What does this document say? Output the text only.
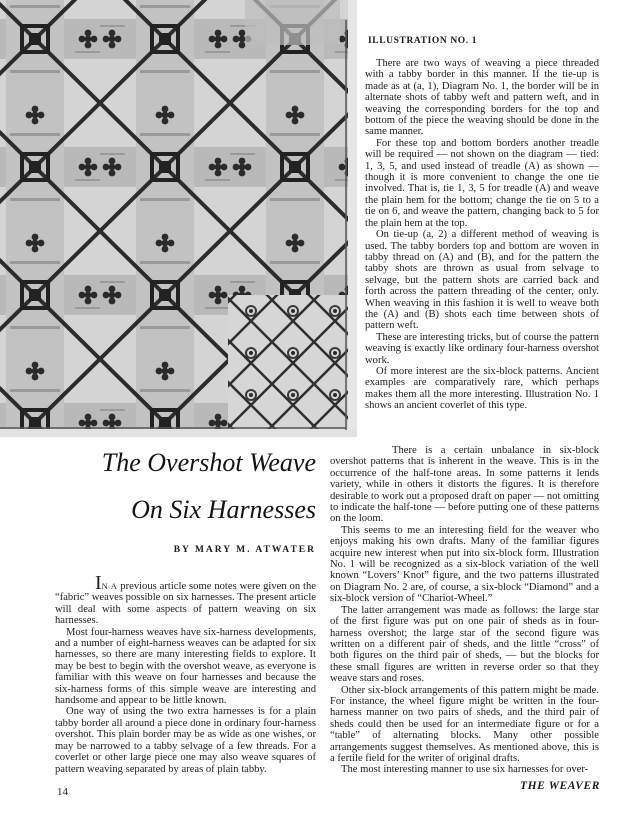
ILLUSTRATION NO. 1

There are two ways of weaving a piece threaded with a tabby border in this manner. If the tie-up is made as at (a, 1), Diagram No. 1, the border will be in alternate shots of tabby weft and pattern weft, and in weaving the corresponding borders for the top and bottom of the piece the weaving should be done in the same manner.

For these top and bottom borders another treadle will be required — not shown on the diagram — tied: 1, 3, 5, and used instead of treadle (A) as shown — though it is more convenient to change the one tie involved. That is, tie 1, 3, 5 for treadle (A) and weave the plain hem for the bottom; change the tie on 5 to a tie on 6, and weave the pattern, changing back to 5 for the plain hem at the top.

On tie-up (a, 2) a different method of weaving is used. The tabby borders top and bottom are woven in tabby thread on (A) and (B), and for the pattern the tabby shots are thrown as usual from selvage to selvage, but the pattern shots are carried back and forth across the pattern threading of the center, only. When weaving in this fashion it is well to weave both the (A) and (B) shots each time between shots of pattern weft.

These are interesting tricks, but of course the pattern weaving is exactly like ordinary four-harness overshot work.

Of more interest are the six-block patterns. Ancient examples are comparatively rare, which perhaps makes them all the more interesting. Illustration No. 1 shows an ancient coverlet of this type.

The Overshot Weave

On Six Harnesses

BY MARY M. ATWATER

There is a certain unbalance in six-block overshot patterns that is inherent in the weave. This is in the occurrence of the half-tone areas. In some patterns it lends variety, while in others it distorts the figures. It is therefore desirable to work out a proposed draft on paper — not omitting to indicate the half-tone — before putting one of these patterns on the loom.

This seems to me an interesting field for the weaver who enjoys making his own drafts. Many of the familiar figures acquire new interest when put into six-block form. Illustration No. 1 will be recognized as a six-block variation of the well known “Lovers’ Knot” figure, and the two patterns illustrated on Diagram No. 2 are, of course, a six-block “Diamond” and a six-block version of “Chariot-Wheel.”

The latter arrangement was made as follows: the large star of the first figure was put on one pair of sheds as in four-harness overshot; the large star of the second figure was written on a different pair of sheds, and the little “cross” of both figures on the third pair of sheds, — but the blocks for these small figures are written in reverse order so that they weave stars and roses.

Other six-block arrangements of this pattern might be made. For instance, the wheel figure might be written in the four-harness manner on two pairs of sheds, and the third pair of sheds could then be used for an intermediate figure or for a “table” of alternating blocks. Many other possible arrangements suggest themselves. As mentioned above, this is a fertile field for the writer of original drafts.

The most interesting manner to use six harnesses for over-

IN A previous article some notes were given on the “fabric” weaves possible on six harnesses. The present article will deal with some aspects of pattern weaving on six harnesses.

Most four-harness weaves have six-harness developments, and a number of eight-harness weaves can be adapted for six harnesses, so there are many interesting fields to explore. It may be best to begin with the overshot weave, as everyone is familiar with this weave on four harnesses and because the six-harness forms of this simple weave are interesting and handsome and appear to be little known.

One way of using the two extra harnesses is for a plain tabby border all around a piece done in ordinary four-harness overshot. This plain border may be as wide as one wishes, or may be narrowed to a tabby selvage of a few threads. For a coverlet or other large piece one may also weave squares of pattern weaving separated by areas of plain tabby.

14	THE WEAVER
